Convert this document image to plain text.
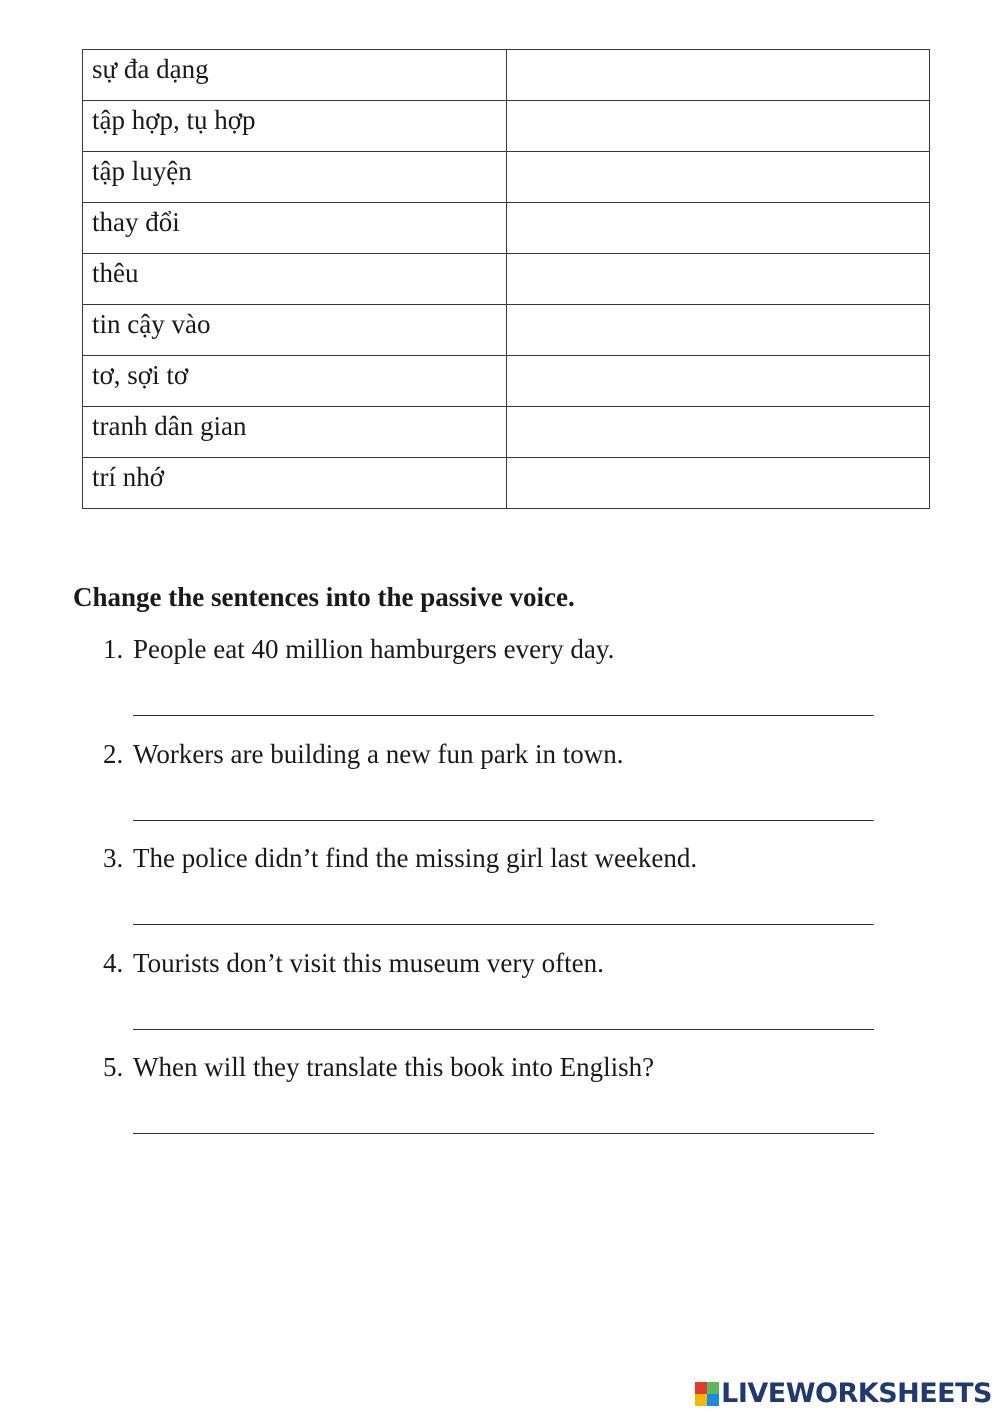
sự đa dạng	
tập hợp, tụ hợp	
tập luyện	
thay đổi	
thêu	
tin cậy vào	
tơ, sợi tơ	
tranh dân gian	
trí nhớ	
Change the sentences into the passive voice.
1. People eat 40 million hamburgers every day.
2. Workers are building a new fun park in town.
3. The police didn’t find the missing girl last weekend.
4. Tourists don’t visit this museum very often.
5. When will they translate this book into English?
LIVEWORKSHEETS
